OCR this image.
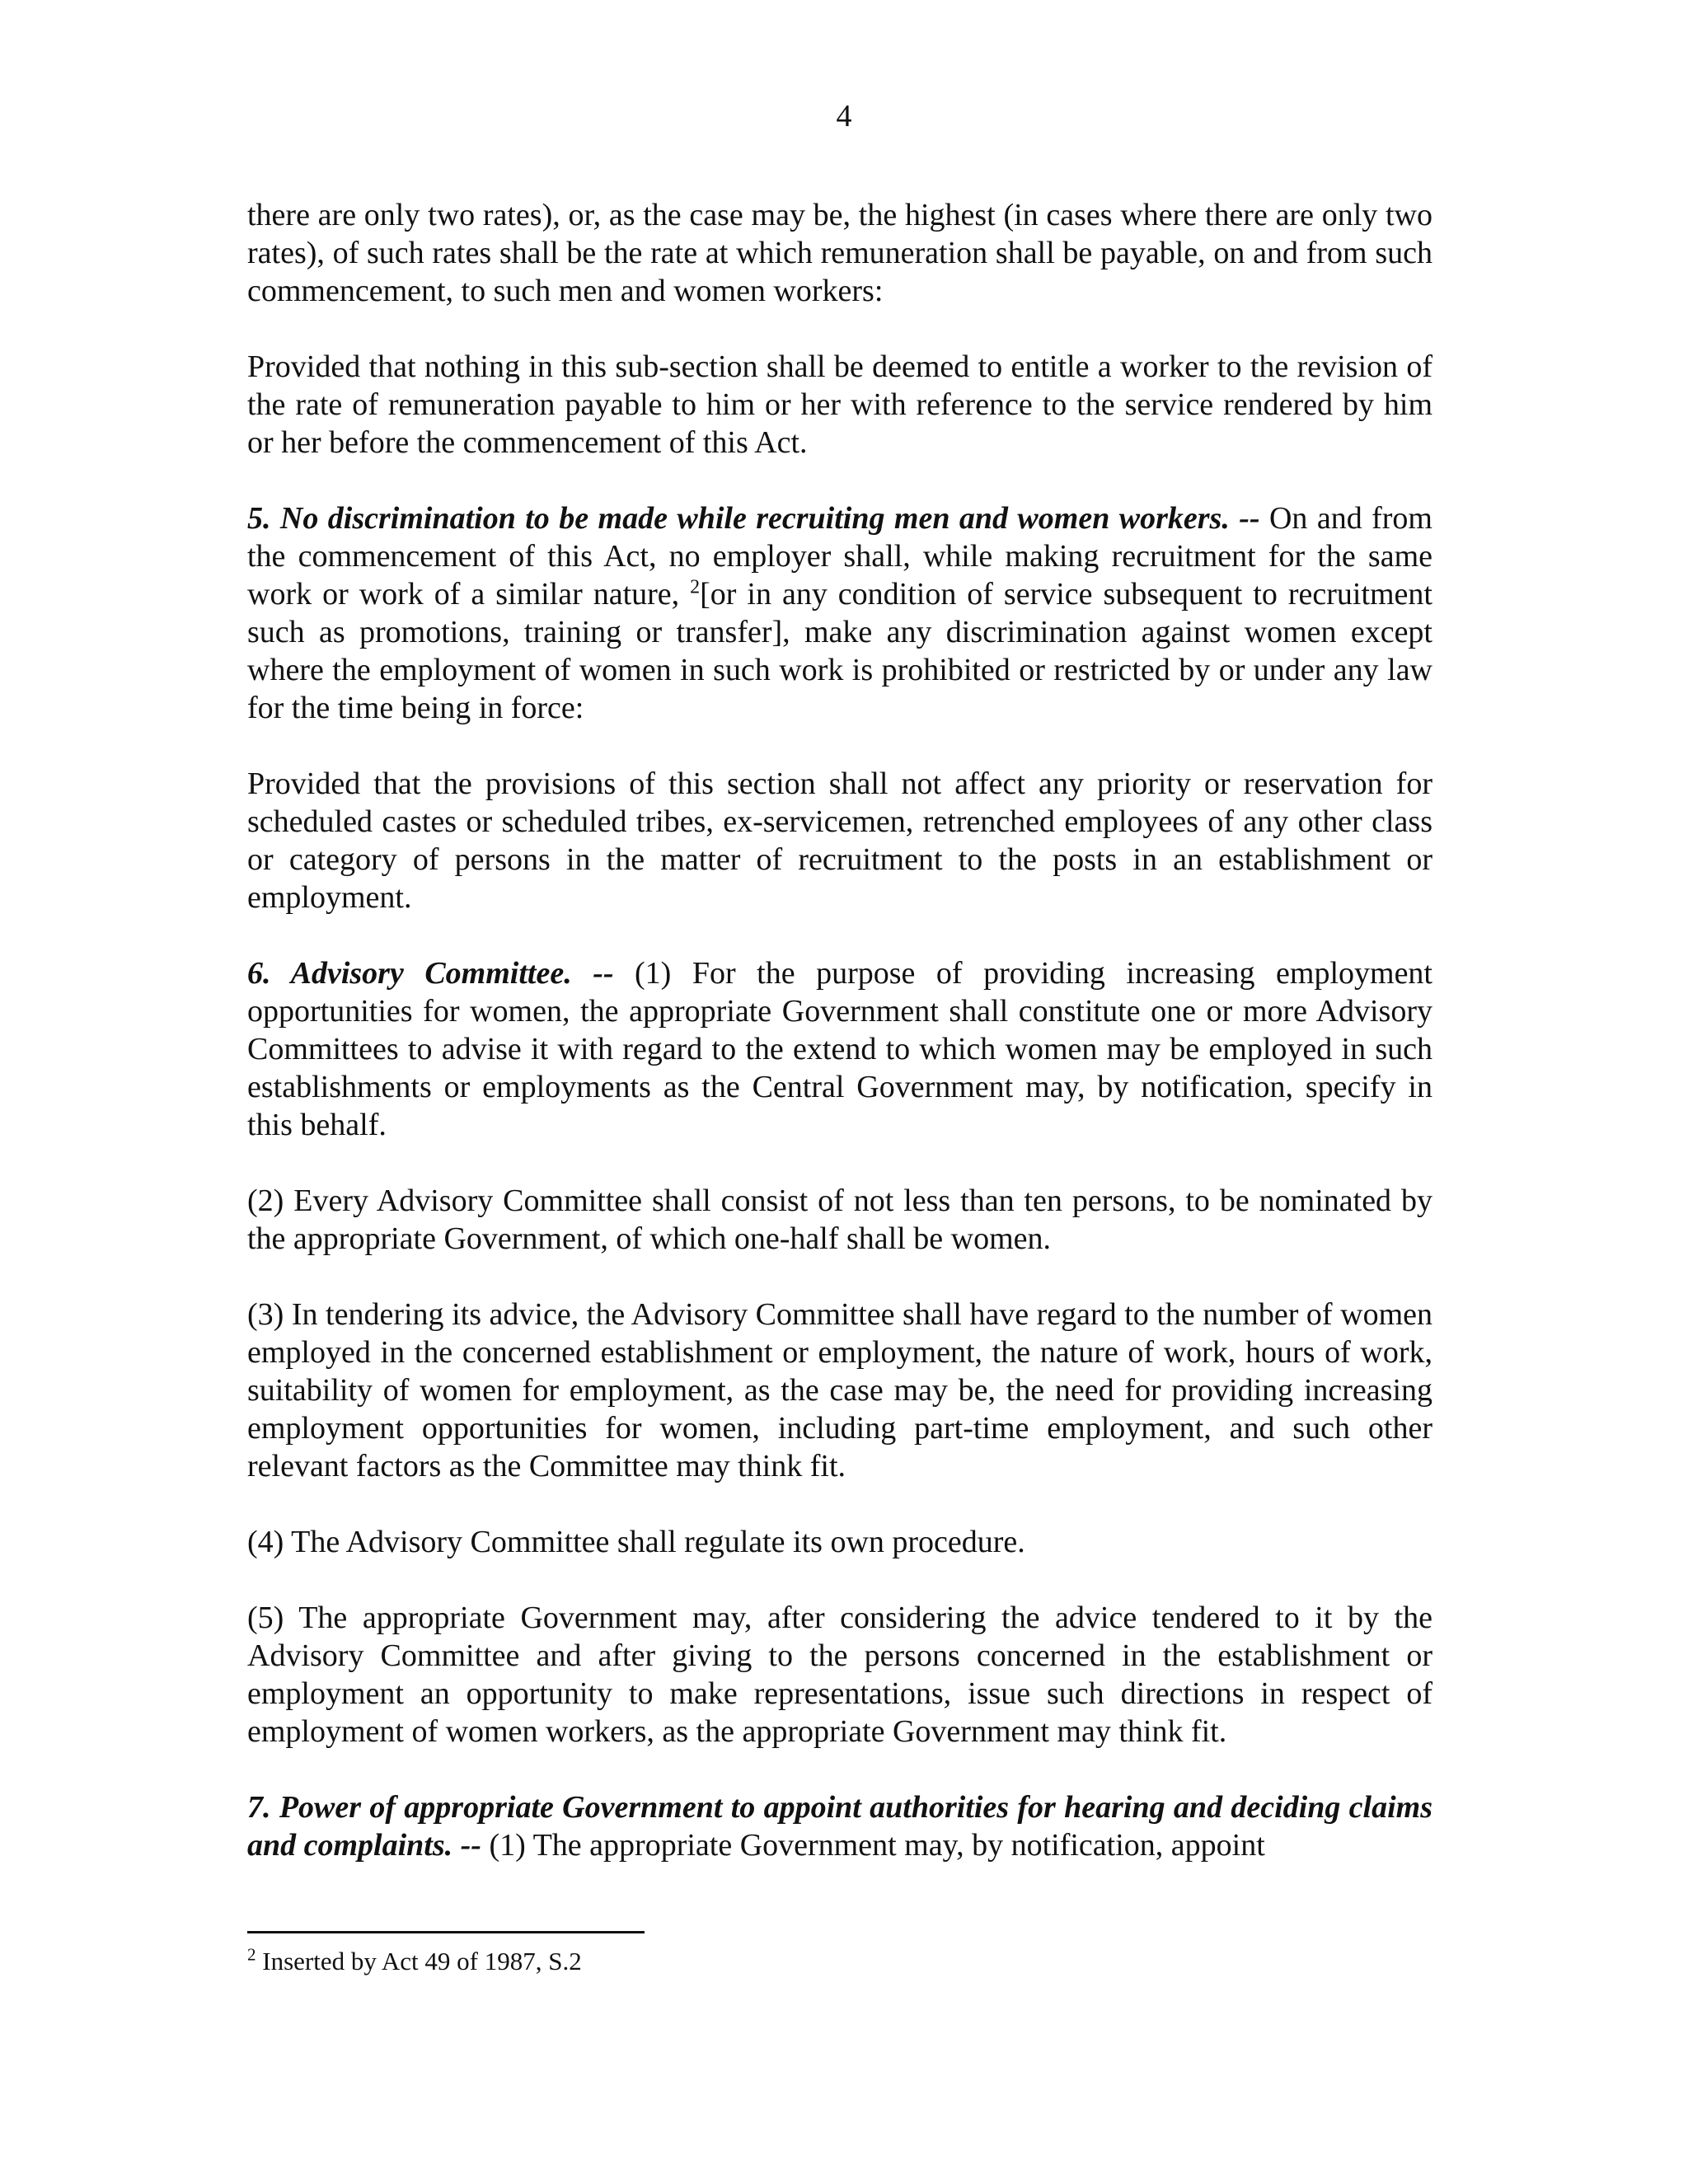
4

there are only two rates), or, as the case may be, the highest (in cases where there are only two rates), of such rates shall be the rate at which remuneration shall be payable, on and from such commencement, to such men and women workers:

Provided that nothing in this sub-section shall be deemed to entitle a worker to the revision of the rate of remuneration payable to him or her with reference to the service rendered by him or her before the commencement of this Act.

5. No discrimination to be made while recruiting men and women workers. -- On and from the commencement of this Act, no employer shall, while making recruitment for the same work or work of a similar nature, $^2$[or in any condition of service subsequent to recruitment such as promotions, training or transfer], make any discrimination against women except where the employment of women in such work is prohibited or restricted by or under any law for the time being in force:

Provided that the provisions of this section shall not affect any priority or reservation for scheduled castes or scheduled tribes, ex-servicemen, retrenched employees of any other class or category of persons in the matter of recruitment to the posts in an establishment or employment.

6. Advisory Committee. -- (1) For the purpose of providing increasing employment opportunities for women, the appropriate Government shall constitute one or more Advisory Committees to advise it with regard to the extend to which women may be employed in such establishments or employments as the Central Government may, by notification, specify in this behalf.

(2) Every Advisory Committee shall consist of not less than ten persons, to be nominated by the appropriate Government, of which one-half shall be women.

(3) In tendering its advice, the Advisory Committee shall have regard to the number of women employed in the concerned establishment or employment, the nature of work, hours of work, suitability of women for employment, as the case may be, the need for providing increasing employment opportunities for women, including part-time employment, and such other relevant factors as the Committee may think fit.

(4) The Advisory Committee shall regulate its own procedure.

(5) The appropriate Government may, after considering the advice tendered to it by the Advisory Committee and after giving to the persons concerned in the establishment or employment an opportunity to make representations, issue such directions in respect of employment of women workers, as the appropriate Government may think fit.

7. Power of appropriate Government to appoint authorities for hearing and deciding claims and complaints. -- (1) The appropriate Government may, by notification, appoint

$^2$ Inserted by Act 49 of 1987, S.2
